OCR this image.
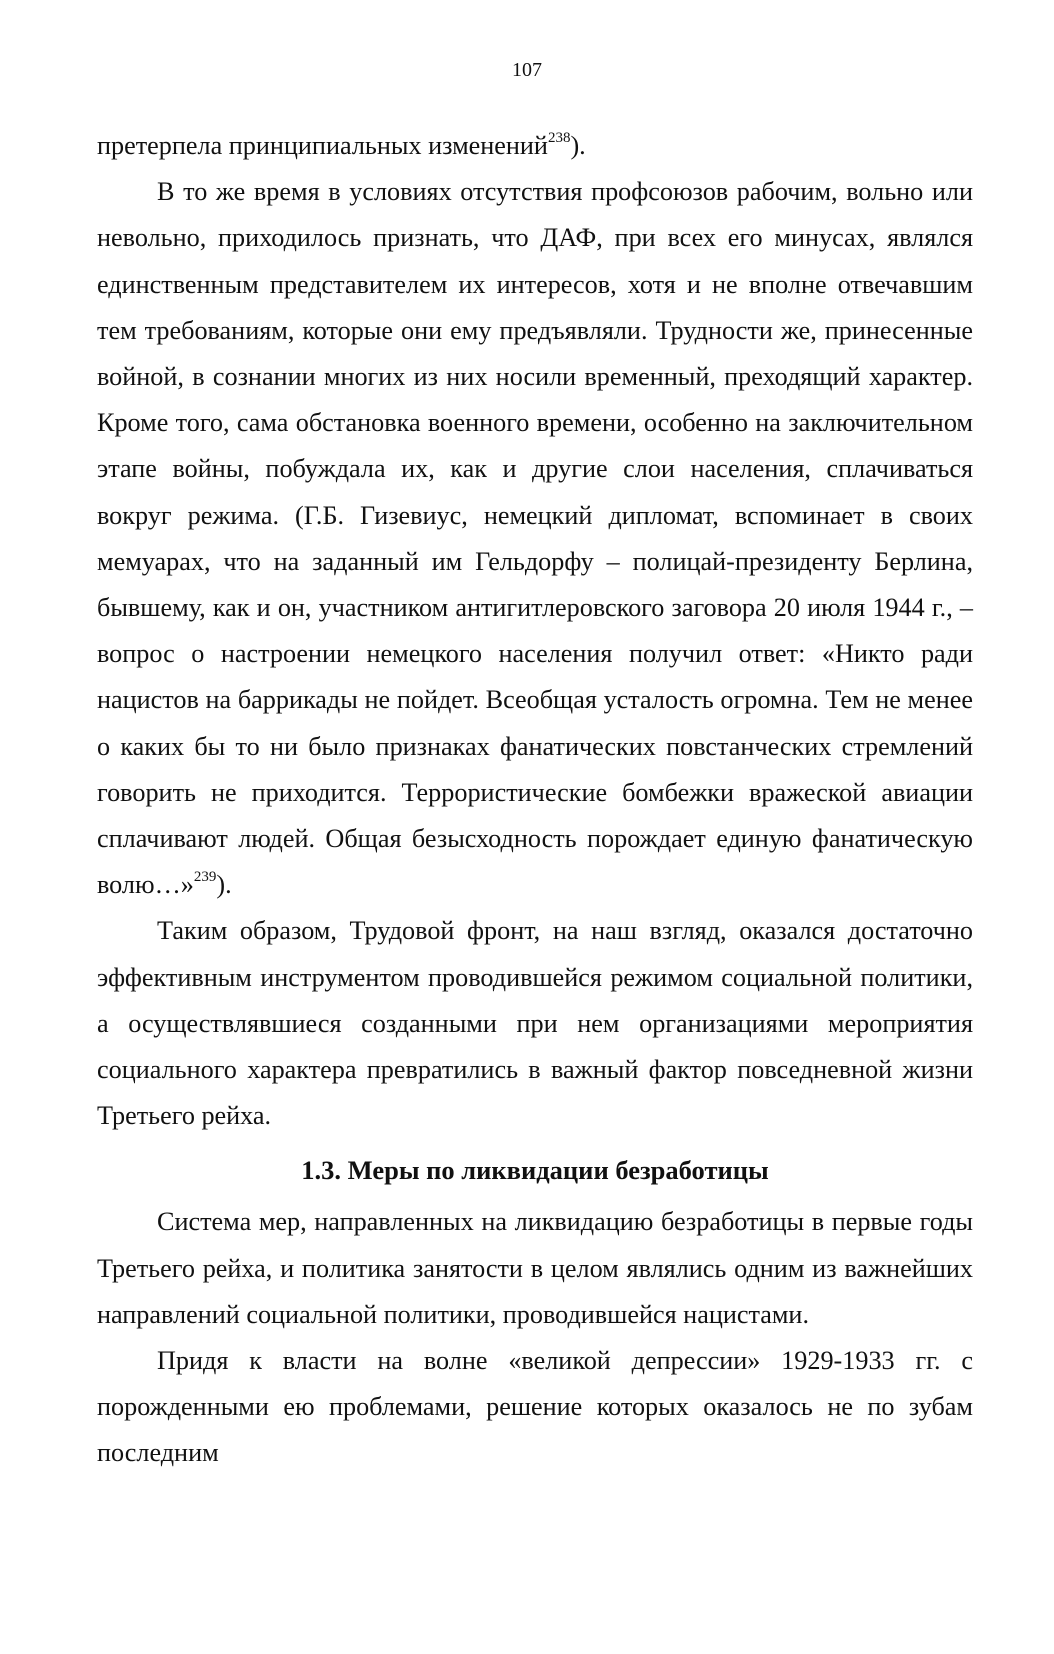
107

претерпела принципиальных изменений$^{238}$).

В то же время в условиях отсутствия профсоюзов рабочим, вольно или невольно, приходилось признать, что ДАФ, при всех его минусах, являлся единственным представителем их интересов, хотя и не вполне отвечавшим тем требованиям, которые они ему предъявляли. Трудности же, принесенные войной, в сознании многих из них носили временный, преходящий характер. Кроме того, сама обстановка военного времени, особенно на заключительном этапе войны, побуждала их, как и другие слои населения, сплачиваться вокруг режима. (Г.Б. Гизевиус, немецкий дипломат, вспоминает в своих мемуарах, что на заданный им Гельдорфу – полицай-президенту Берлина, бывшему, как и он, участником антигитлеровского заговора 20 июля 1944 г., – вопрос о настроении немецкого населения получил ответ: «Никто ради нацистов на баррикады не пойдет. Всеобщая усталость огромна. Тем не менее о каких бы то ни было признаках фанатических повстанческих стремлений говорить не приходится. Террористические бомбежки вражеской авиации сплачивают людей. Общая безысходность порождает единую фанатическую волю…»$^{239}$).

Таким образом, Трудовой фронт, на наш взгляд, оказался достаточно эффективным инструментом проводившейся режимом социальной политики, а осуществлявшиеся созданными при нем организациями мероприятия социального характера превратились в важный фактор повседневной жизни Третьего рейха.

1.3. Меры по ликвидации безработицы

Система мер, направленных на ликвидацию безработицы в первые годы Третьего рейха, и политика занятости в целом являлись одним из важнейших направлений социальной политики, проводившейся нацистами.

Придя к власти на волне «великой депрессии» 1929-1933 гг. с порожденными ею проблемами, решение которых оказалось не по зубам последним
